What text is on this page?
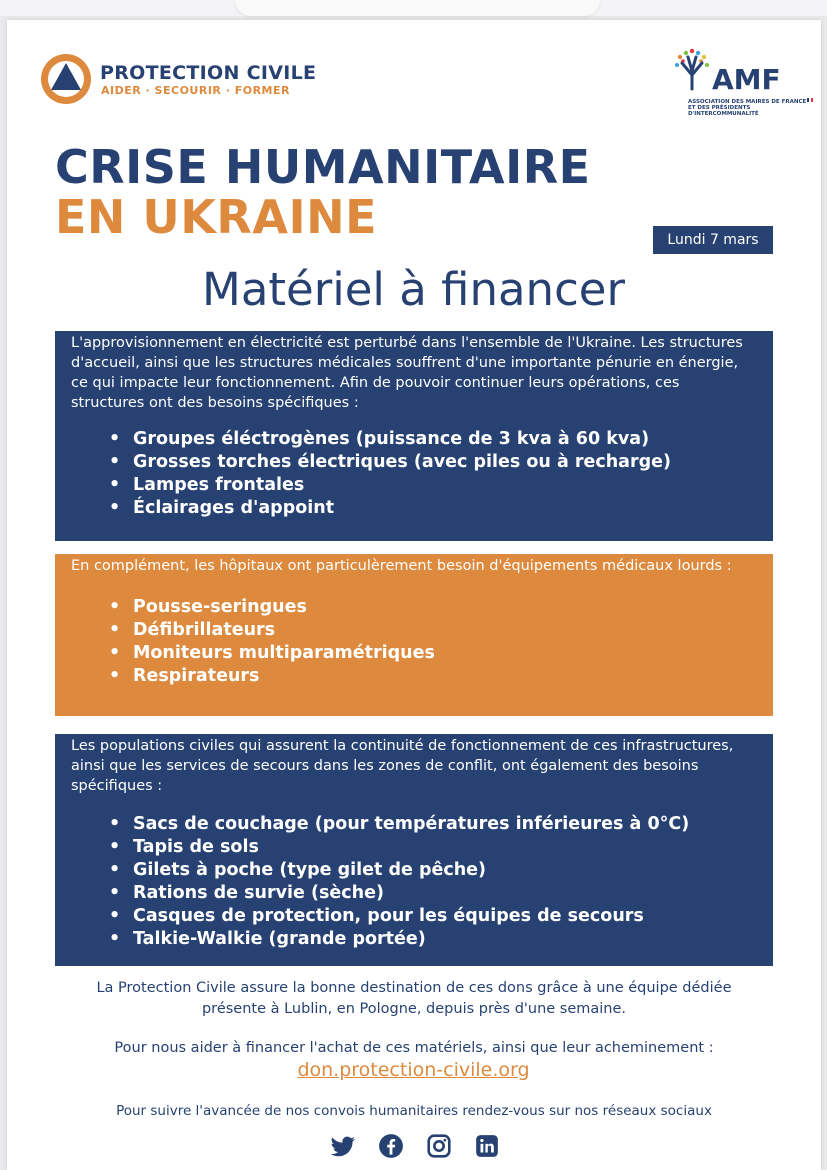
PROTECTION CIVILE
AIDER · SECOURIR · FORMER	AMF
ASSOCIATION DES MAIRES DE FRANCE ET DES PRÉSIDENTS D'INTERCOMMUNALITÉ
CRISE HUMANITAIRE
EN UKRAINE	Lundi 7 mars
Matériel à financer

L'approvisionnement en électricité est perturbé dans l'ensemble de l'Ukraine. Les structures d'accueil, ainsi que les structures médicales souffrent d'une importante pénurie en énergie, ce qui impacte leur fonctionnement. Afin de pouvoir continuer leurs opérations, ces structures ont des besoins spécifiques :

• Groupes éléctrogènes (puissance de 3 kva à 60 kva)
• Grosses torches électriques (avec piles ou à recharge)
• Lampes frontales
• Éclairages d'appoint

En complément, les hôpitaux ont particulèrement besoin d'équipements médicaux lourds :

• Pousse-seringues
• Défibrillateurs
• Moniteurs multiparamétriques
• Respirateurs

Les populations civiles qui assurent la continuité de fonctionnement de ces infrastructures, ainsi que les services de secours dans les zones de conflit, ont également des besoins spécifiques :

• Sacs de couchage (pour températures inférieures à 0°C)
• Tapis de sols
• Gilets à poche (type gilet de pêche)
• Rations de survie (sèche)
• Casques de protection, pour les équipes de secours
• Talkie-Walkie (grande portée)
La Protection Civile assure la bonne destination de ces dons grâce à une équipe dédiée présente à Lublin, en Pologne, depuis près d'une semaine.
Pour nous aider à financer l'achat de ces matériels, ainsi que leur acheminement :
don.protection-civile.org
Pour suivre l'avancée de nos convois humanitaires rendez-vous sur nos réseaux sociaux
